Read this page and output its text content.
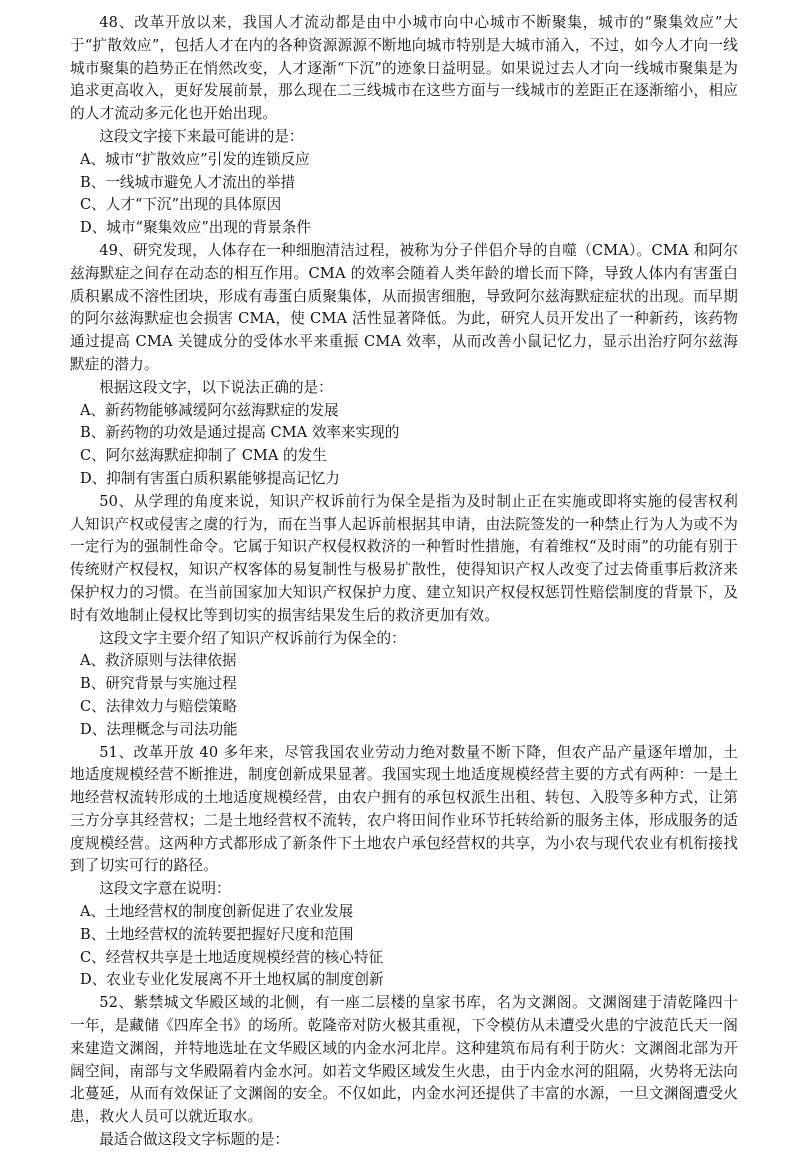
48、改革开放以来，我国人才流动都是由中小城市向中心城市不断聚集，城市的“聚集效应”大于“扩散效应”，包括人才在内的各种资源源源不断地向城市特别是大城市涌入，不过，如今人才向一线城市聚集的趋势正在悄然改变，人才逐渐“下沉”的迹象日益明显。如果说过去人才向一线城市聚集是为追求更高收入，更好发展前景，那么现在二三线城市在这些方面与一线城市的差距正在逐渐缩小，相应的人才流动多元化也开始出现。

这段文字接下来最可能讲的是：

A、城市“扩散效应”引发的连锁反应

B、一线城市避免人才流出的举措

C、人才“下沉”出现的具体原因

D、城市“聚集效应”出现的背景条件

49、研究发现，人体存在一种细胞清洁过程，被称为分子伴侣介导的自噬（CMA）。CMA 和阿尔兹海默症之间存在动态的相互作用。CMA 的效率会随着人类年龄的增长而下降，导致人体内有害蛋白质积累成不溶性团块，形成有毒蛋白质聚集体，从而损害细胞，导致阿尔兹海默症症状的出现。而早期的阿尔兹海默症也会损害 CMA，使 CMA 活性显著降低。为此，研究人员开发出了一种新药，该药物通过提高 CMA 关键成分的受体水平来重振 CMA 效率，从而改善小鼠记忆力，显示出治疗阿尔兹海默症的潜力。

根据这段文字，以下说法正确的是：

A、新药物能够减缓阿尔兹海默症的发展

B、新药物的功效是通过提高 CMA 效率来实现的

C、阿尔兹海默症抑制了 CMA 的发生

D、抑制有害蛋白质积累能够提高记忆力

50、从学理的角度来说，知识产权诉前行为保全是指为及时制止正在实施或即将实施的侵害权利人知识产权或侵害之虞的行为，而在当事人起诉前根据其申请，由法院签发的一种禁止行为人为或不为一定行为的强制性命令。它属于知识产权侵权救济的一种暂时性措施，有着维权“及时雨”的功能有别于传统财产权侵权，知识产权客体的易复制性与极易扩散性，使得知识产权人改变了过去倚重事后救济来保护权力的习惯。在当前国家加大知识产权保护力度、建立知识产权侵权惩罚性赔偿制度的背景下，及时有效地制止侵权比等到切实的损害结果发生后的救济更加有效。

这段文字主要介绍了知识产权诉前行为保全的：

A、救济原则与法律依据

B、研究背景与实施过程

C、法律效力与赔偿策略

D、法理概念与司法功能

51、改革开放 40 多年来，尽管我国农业劳动力绝对数量不断下降，但农产品产量逐年增加，土地适度规模经营不断推进，制度创新成果显著。我国实现土地适度规模经营主要的方式有两种：一是土地经营权流转形成的土地适度规模经营，由农户拥有的承包权派生出租、转包、入股等多种方式，让第三方分享其经营权；二是土地经营权不流转，农户将田间作业环节托转给新的服务主体，形成服务的适度规模经营。这两种方式都形成了新条件下土地农户承包经营权的共享，为小农与现代农业有机衔接找到了切实可行的路径。

这段文字意在说明：

A、土地经营权的制度创新促进了农业发展

B、土地经营权的流转要把握好尺度和范围

C、经营权共享是土地适度规模经营的核心特征

D、农业专业化发展离不开土地权属的制度创新

52、紫禁城文华殿区域的北侧，有一座二层楼的皇家书库，名为文渊阁。文渊阁建于清乾隆四十一年，是藏储《四库全书》的场所。乾隆帝对防火极其重视，下令模仿从未遭受火患的宁波范氏天一阁来建造文渊阁，并特地选址在文华殿区域的内金水河北岸。这种建筑布局有利于防火：文渊阁北部为开阔空间，南部与文华殿隔着内金水河。如若文华殿区域发生火患，由于内金水河的阻隔，火势将无法向北蔓延，从而有效保证了文渊阁的安全。不仅如此，内金水河还提供了丰富的水源，一旦文渊阁遭受火患，救火人员可以就近取水。

最适合做这段文字标题的是：
